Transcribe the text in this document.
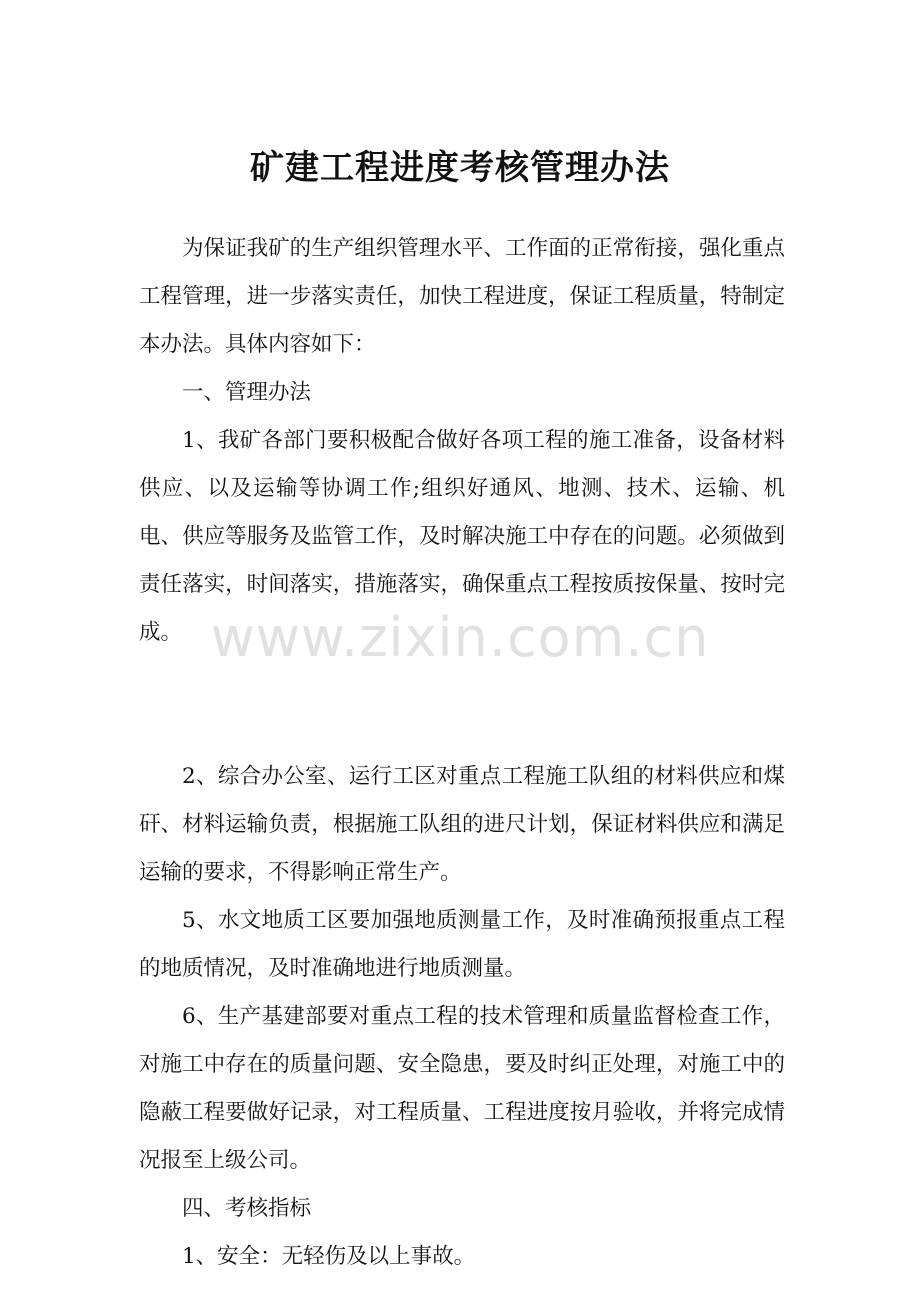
矿建工程进度考核管理办法

为保证我矿的生产组织管理水平、工作面的正常衔接，强化重点工程管理，进一步落实责任，加快工程进度，保证工程质量，特制定本办法。具体内容如下：

一、管理办法

1、我矿各部门要积极配合做好各项工程的施工准备，设备材料供应、以及运输等协调工作;组织好通风、地测、技术、运输、机电、供应等服务及监管工作，及时解决施工中存在的问题。必须做到责任落实，时间落实，措施落实，确保重点工程按质按保量、按时完成。

2、综合办公室、运行工区对重点工程施工队组的材料供应和煤矸、材料运输负责，根据施工队组的进尺计划，保证材料供应和满足运输的要求，不得影响正常生产。

5、水文地质工区要加强地质测量工作，及时准确预报重点工程的地质情况，及时准确地进行地质测量。

6、生产基建部要对重点工程的技术管理和质量监督检查工作，对施工中存在的质量问题、安全隐患，要及时纠正处理，对施工中的隐蔽工程要做好记录，对工程质量、工程进度按月验收，并将完成情况报至上级公司。

四、考核指标

1、安全：无轻伤及以上事故。

www.zixin.com.cn
